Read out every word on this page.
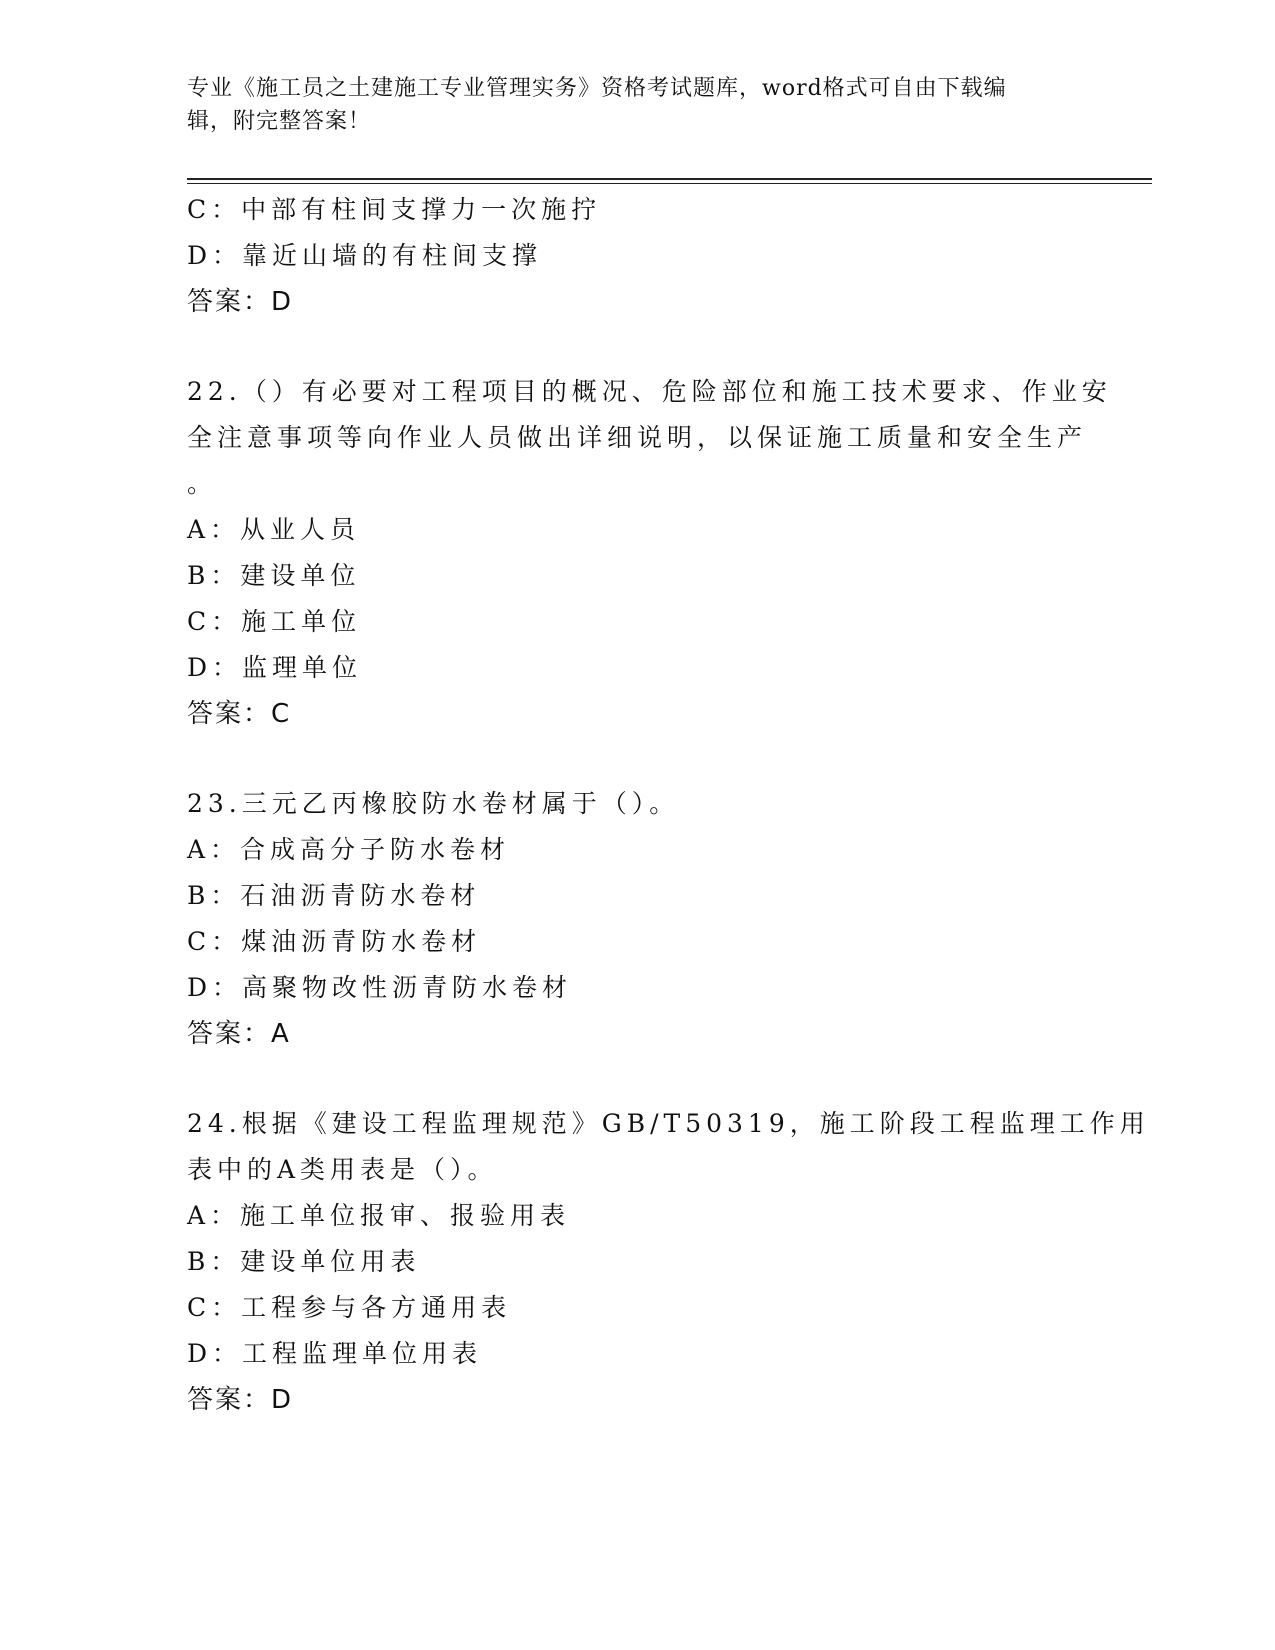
专业《施工员之土建施工专业管理实务》资格考试题库，word格式可自由下载编
辑，附完整答案！
C：中部有柱间支撑力一次施拧
D：靠近山墙的有柱间支撑
答案：D
22.（）有必要对工程项目的概况、危险部位和施工技术要求、作业安
全注意事项等向作业人员做出详细说明，以保证施工质量和安全生产
。
A：从业人员
B：建设单位
C：施工单位
D：监理单位
答案：C
23.三元乙丙橡胶防水卷材属于（）。
A：合成高分子防水卷材
B：石油沥青防水卷材
C：煤油沥青防水卷材
D：高聚物改性沥青防水卷材
答案：A
24.根据《建设工程监理规范》GB/T50319，施工阶段工程监理工作用
表中的A类用表是（）。
A：施工单位报审、报验用表
B：建设单位用表
C：工程参与各方通用表
D：工程监理单位用表
答案：D
